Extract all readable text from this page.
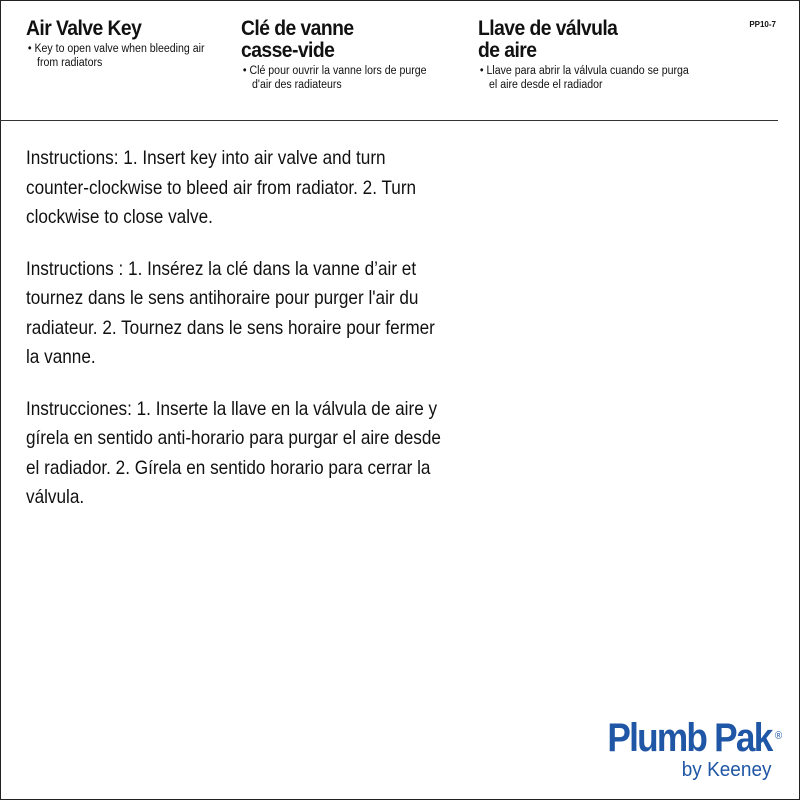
Air Valve Key
• Key to open valve when bleeding air from radiators
Clé de vanne
casse-vide
• Clé pour ouvrir la vanne lors de purge d'air des radiateurs
Llave de válvula
de aire
• Llave para abrir la válvula cuando se purga el aire desde el radiador
PP10-7

Instructions: 1. Insert key into air valve and turn counter-clockwise to bleed air from radiator. 2. Turn clockwise to close valve.

Instructions : 1. Insérez la clé dans la vanne d’air et tournez dans le sens antihoraire pour purger l'air du radiateur. 2. Tournez dans le sens horaire pour fermer la vanne.

Instrucciones: 1. Inserte la llave en la válvula de aire y gírela en sentido anti-horario para purgar el aire desde el radiador. 2. Gírela en sentido horario para cerrar la válvula.

Plumb Pak ®
by Keeney
